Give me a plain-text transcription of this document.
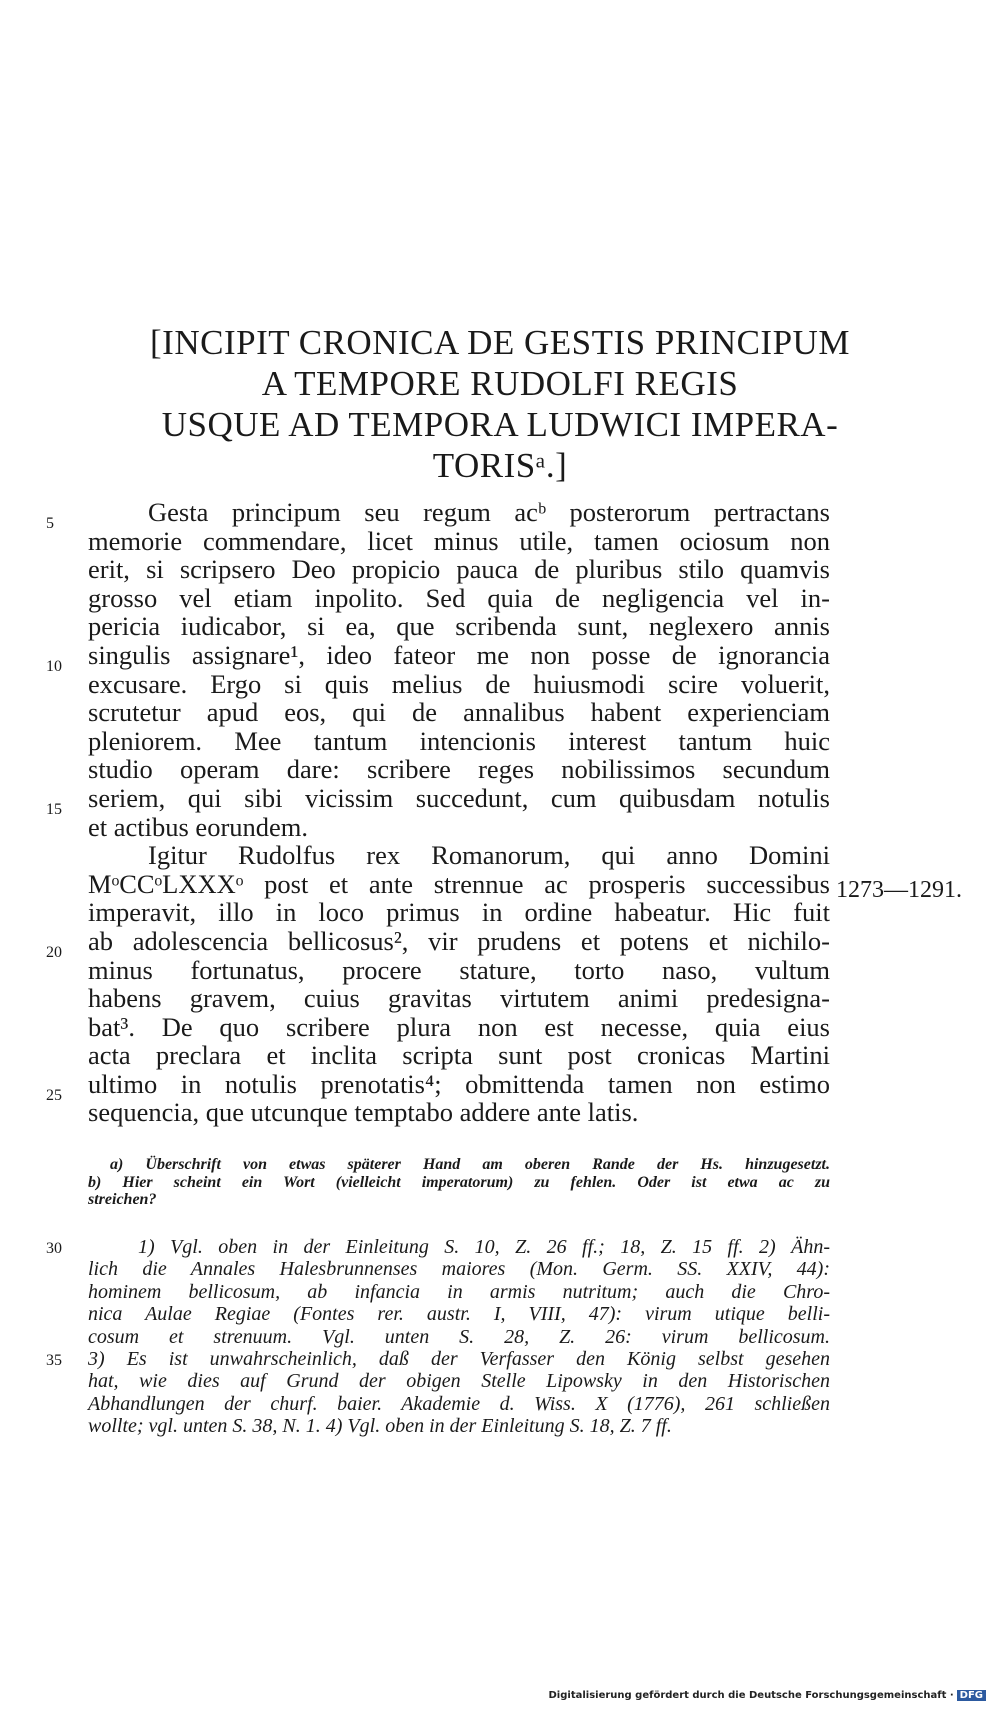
[INCIPIT CRONICA DE GESTIS PRINCIPUM
A TEMPORE RUDOLFI REGIS
USQUE AD TEMPORA LUDWICI IMPERA-
TORISᵃ.]
Gesta principum seu regum acᵇ posterorum pertractans
memorie commendare, licet minus utile, tamen ociosum non
erit, si scripsero Deo propicio pauca de pluribus stilo quamvis
grosso vel etiam inpolito. Sed quia de negligencia vel in-
pericia iudicabor, si ea, que scribenda sunt, neglexero annis
singulis assignare¹, ideo fateor me non posse de ignorancia
excusare. Ergo si quis melius de huiusmodi scire voluerit,
scrutetur apud eos, qui de annalibus habent experienciam
pleniorem. Mee tantum intencionis interest tantum huic
studio operam dare: scribere reges nobilissimos secundum
seriem, qui sibi vicissim succedunt, cum quibusdam notulis
et actibus eorundem.
Igitur Rudolfus rex Romanorum, qui anno Domini
MᵒCCᵒLXXXᵒ post et ante strennue ac prosperis successibus
imperavit, illo in loco primus in ordine habeatur. Hic fuit
ab adolescencia bellicosus², vir prudens et potens et nichilo-
minus fortunatus, procere stature, torto naso, vultum
habens gravem, cuius gravitas virtutem animi predesigna-
bat³. De quo scribere plura non est necesse, quia eius
acta preclara et inclita scripta sunt post cronicas Martini
ultimo in notulis prenotatis⁴; obmittenda tamen non estimo
sequencia, que utcunque temptabo addere ante latis.
5
10
15
20
25
30
35
1273—1291.
a) Überschrift von etwas späterer Hand am oberen Rande der Hs. hinzugesetzt.
b) Hier scheint ein Wort (vielleicht imperatorum) zu fehlen. Oder ist etwa ac zu
streichen?
1) Vgl. oben in der Einleitung S. 10, Z. 26 ff.; 18, Z. 15 ff. 2) Ähn-
lich die Annales Halesbrunnenses maiores (Mon. Germ. SS. XXIV, 44):
hominem bellicosum, ab infancia in armis nutritum; auch die Chro-
nica Aulae Regiae (Fontes rer. austr. I, VIII, 47): virum utique belli-
cosum et strenuum. Vgl. unten S. 28, Z. 26: virum bellicosum.
3) Es ist unwahrscheinlich, daß der Verfasser den König selbst gesehen
hat, wie dies auf Grund der obigen Stelle Lipowsky in den Historischen
Abhandlungen der churf. baier. Akademie d. Wiss. X (1776), 261 schließen
wollte; vgl. unten S. 38, N. 1. 4) Vgl. oben in der Einleitung S. 18, Z. 7 ff.
Digitalisierung gefördert durch die Deutsche Forschungsgemeinschaft · DFG
